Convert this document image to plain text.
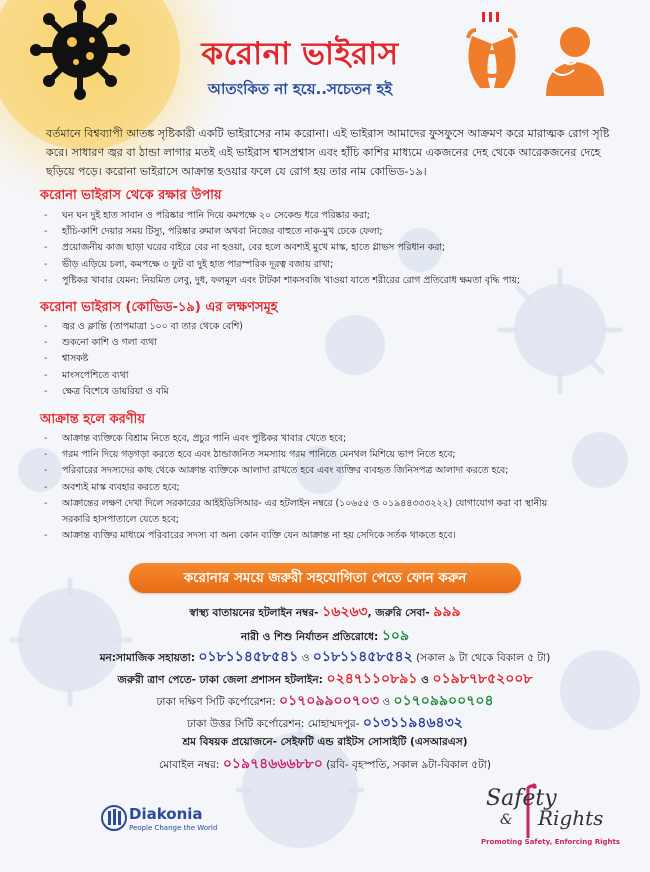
করোনা ভাইরাস
আতংকিত না হয়ে..সচেতন হই

বর্তমানে বিশ্বব্যাপী আতঙ্ক সৃষ্টিকারী একটি ভাইরাসের নাম করোনা। এই ভাইরাস আমাদের ফুসফুসে আক্রমণ করে মারাত্মক রোগ সৃষ্টি করে। সাধারণ জ্বর বা ঠান্ডা লাগার মতই এই ভাইরাস শ্বাসপ্রশ্বাস এবং হাঁচি কাশির মাধ্যমে একজনের দেহ থেকে আরেকজনের দেহে ছড়িয়ে পড়ে। করোনা ভাইরাসে আক্রান্ত হওয়ার ফলে যে রোগ হয় তার নাম কোভিড-১৯।

করোনা ভাইরাস থেকে রক্ষার উপায়
- ঘন ঘন দুই হাত সাবান ও পরিষ্কার পানি দিয়ে কমপক্ষে ২০ সেকেন্ড ধরে পরিষ্কার করা;
- হাঁচি-কাশি দেয়ার সময় টিস্যু, পরিষ্কার রুমাল অথবা নিজের বাহুতে নাক-মুখ ঢেকে ফেলা;
- প্রয়োজনীয় কাজ ছাড়া ঘরের বাইরে বের না হওয়া, বের হলে অবশ্যই মুখে মাস্ক, হাতে গ্লাভস পরিধান করা;
- ভীড় এড়িয়ে চলা, কমপক্ষে ৩ ফুট বা দুই হাত পারস্পরিক দূরত্ব বজায় রাখা;
- পুষ্টিকর খাবার যেমন: নিয়মিত লেবু, দুধ, ফলমূল এবং টাটকা শাকসবজি খাওয়া যাতে শরীরের রোগ প্রতিরোধ ক্ষমতা বৃদ্ধি পায়;
করোনা ভাইরাস (কোভিড-১৯) এর লক্ষণসমূহ
- জ্বর ও ক্লান্তি (তাপমাত্রা ১০০ বা তার থেকে বেশি)
- শুকনো কাশি ও গলা ব্যথা
- শ্বাসকষ্ট
- মাংসপেশিতে ব্যথা
- ক্ষেত্র বিশেষে ডায়রিয়া ও বমি
আক্রান্ত হলে করণীয়
- আক্রান্ত ব্যক্তিকে বিশ্রাম নিতে হবে, প্রচুর পানি এবং পুষ্টিকর খাবার খেতে হবে;
- গরম পানি দিয়ে গড়গড়া করতে হবে এবং ঠান্ডাজনিত সমস্যায় গরম পানিতে মেনথল মিশিয়ে ভাপ নিতে হবে;
- পরিবারের সদস্যদের কাছ থেকে আক্রান্ত ব্যক্তিকে আলাদা রাখতে হবে এবং ব্যক্তির ব্যবহৃত জিনিসপত্র আলাদা করতে হবে;
- অবশ্যই মাস্ক ব্যবহার করতে হবে;
- আক্রান্তের লক্ষণ দেখা দিলে সরকারের আইইডিসিআর- এর হটলাইন নম্বরে (১০৬৫৫ ও ০১৯৪৪৩৩৩২২২) যোগাযোগ করা বা স্থানীয়
সরকারি হাসপাতালে যেতে হবে;
- আক্রান্ত ব্যক্তির মাধ্যমে পরিবারের সদস্য বা অন্য কোন ব্যক্তি যেন আক্রান্ত না হয় সেদিকে সর্তক থাকতে হবে।
করোনার সময়ে জরুরী সহযোগিতা পেতে ফোন করুন
স্বাস্থ্য বাতায়নের হটলাইন নম্বর- ১৬২৬৩, জরুরি সেবা- ৯৯৯
নারী ও শিশু নির্যাতন প্রতিরোধে: ১০৯
মন:সামাজিক সহায়তা: ০১৮১১৪৫৮৫৪১ ও ০১৮১১৪৫৮৫৪২ (সকাল ৯ টা থেকে বিকাল ৫ টা)
জরুরী ত্রাণ পেতে- ঢাকা জেলা প্রশাসন হটলাইন: ০২৪৭১১০৮৯১ ও ০১৯৮৭৮৫২০০৮
ঢাকা দক্ষিণ সিটি কর্পোরেশন: ০১৭০৯৯০০৭০৩ ও ০১৭০৯৯০০৭০৪
ঢাকা উত্তর সিটি কর্পোরেশন: মোহাম্মদপুর- ০১৩১১৯৪৬৪৩২
শ্রম বিষয়ক প্রয়োজনে- সেইফটি এন্ড রাইটস সোসাইটি (এসআরএস)
মোবাইল নম্বর: ০১৯৭৪৬৬৬৮৮০ (রবি- বৃহস্পতি, সকাল ৯টা-বিকাল ৫টা)
Diakonia
People Change the World
Safety
& Rights
Promoting Safety, Enforcing Rights
